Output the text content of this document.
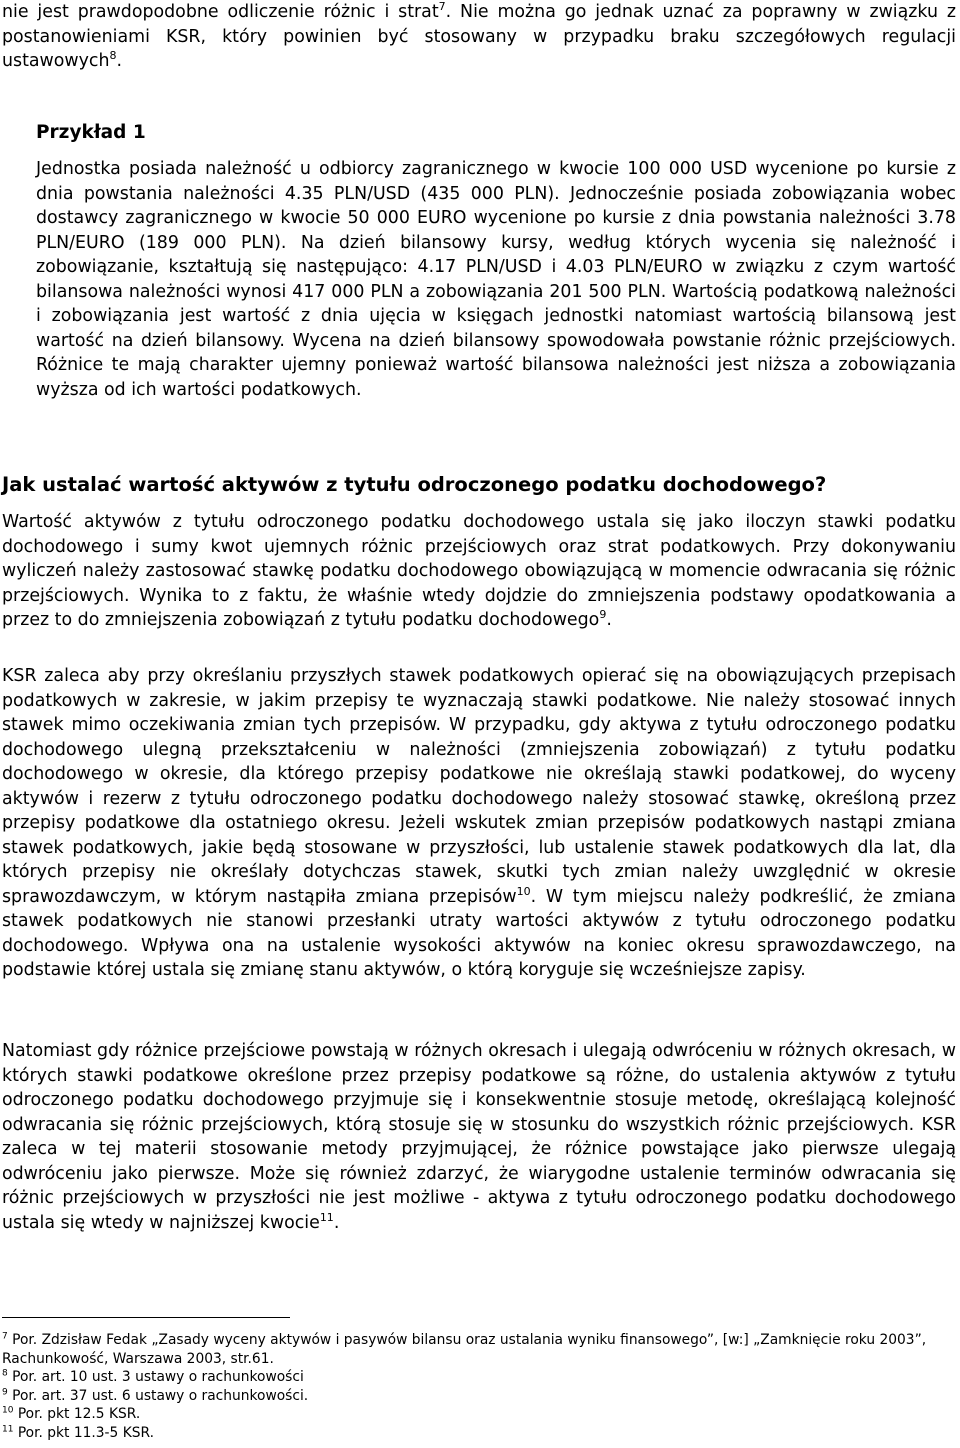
nie jest prawdopodobne odliczenie różnic i strat$^7$. Nie można go jednak uznać za poprawny w związku z postanowieniami KSR, który powinien być stosowany w przypadku braku szczegółowych regulacji ustawowych$^8$.

Przykład 1

Jednostka posiada należność u odbiorcy zagranicznego w kwocie 100 000 USD wycenione po kursie z dnia powstania należności 4.35 PLN/USD (435 000 PLN). Jednocześnie posiada zobowiązania wobec dostawcy zagranicznego w kwocie 50 000 EURO wycenione po kursie z dnia powstania należności 3.78 PLN/EURO (189 000 PLN). Na dzień bilansowy kursy, według których wycenia się należność i zobowiązanie, kształtują się następująco: 4.17 PLN/USD i 4.03 PLN/EURO w związku z czym wartość bilansowa należności wynosi 417 000 PLN a zobowiązania 201 500 PLN. Wartością podatkową należności i zobowiązania jest wartość z dnia ujęcia w księgach jednostki natomiast wartością bilansową jest wartość na dzień bilansowy. Wycena na dzień bilansowy spowodowała powstanie różnic przejściowych. Różnice te mają charakter ujemny ponieważ wartość bilansowa należności jest niższa a zobowiązania wyższa od ich wartości podatkowych.

Jak ustalać wartość aktywów z tytułu odroczonego podatku dochodowego?

Wartość aktywów z tytułu odroczonego podatku dochodowego ustala się jako iloczyn stawki podatku dochodowego i sumy kwot ujemnych różnic przejściowych oraz strat podatkowych. Przy dokonywaniu wyliczeń należy zastosować stawkę podatku dochodowego obowiązującą w momencie odwracania się różnic przejściowych. Wynika to z faktu, że właśnie wtedy dojdzie do zmniejszenia podstawy opodatkowania a przez to do zmniejszenia zobowiązań z tytułu podatku dochodowego$^9$.

KSR zaleca aby przy określaniu przyszłych stawek podatkowych opierać się na obowiązujących przepisach podatkowych w zakresie, w jakim przepisy te wyznaczają stawki podatkowe. Nie należy stosować innych stawek mimo oczekiwania zmian tych przepisów. W przypadku, gdy aktywa z tytułu odroczonego podatku dochodowego ulegną przekształceniu w należności (zmniejszenia zobowiązań) z tytułu podatku dochodowego w okresie, dla którego przepisy podatkowe nie określają stawki podatkowej, do wyceny aktywów i rezerw z tytułu odroczonego podatku dochodowego należy stosować stawkę, określoną przez przepisy podatkowe dla ostatniego okresu. Jeżeli wskutek zmian przepisów podatkowych nastąpi zmiana stawek podatkowych, jakie będą stosowane w przyszłości, lub ustalenie stawek podatkowych dla lat, dla których przepisy nie określały dotychczas stawek, skutki tych zmian należy uwzględnić w okresie sprawozdawczym, w którym nastąpiła zmiana przepisów$^{10}$. W tym miejscu należy podkreślić, że zmiana stawek podatkowych nie stanowi przesłanki utraty wartości aktywów z tytułu odroczonego podatku dochodowego. Wpływa ona na ustalenie wysokości aktywów na koniec okresu sprawozdawczego, na podstawie której ustala się zmianę stanu aktywów, o którą koryguje się wcześniejsze zapisy.

Natomiast gdy różnice przejściowe powstają w różnych okresach i ulegają odwróceniu w różnych okresach, w których stawki podatkowe określone przez przepisy podatkowe są różne, do ustalenia aktywów z tytułu odroczonego podatku dochodowego przyjmuje się i konsekwentnie stosuje metodę, określającą kolejność odwracania się różnic przejściowych, którą stosuje się w stosunku do wszystkich różnic przejściowych. KSR zaleca w tej materii stosowanie metody przyjmującej, że różnice powstające jako pierwsze ulegają odwróceniu jako pierwsze. Może się również zdarzyć, że wiarygodne ustalenie terminów odwracania się różnic przejściowych w przyszłości nie jest możliwe - aktywa z tytułu odroczonego podatku dochodowego ustala się wtedy w najniższej kwocie$^{11}$.

$^7$ Por. Zdzisław Fedak „Zasady wyceny aktywów i pasywów bilansu oraz ustalania wyniku finansowego”, [w:] „Zamknięcie roku 2003”, Rachunkowość, Warszawa 2003, str.61.

$^8$ Por. art. 10 ust. 3 ustawy o rachunkowości

$^9$ Por. art. 37 ust. 6 ustawy o rachunkowości.

$^{10}$ Por. pkt 12.5 KSR.

$^{11}$ Por. pkt 11.3-5 KSR.
